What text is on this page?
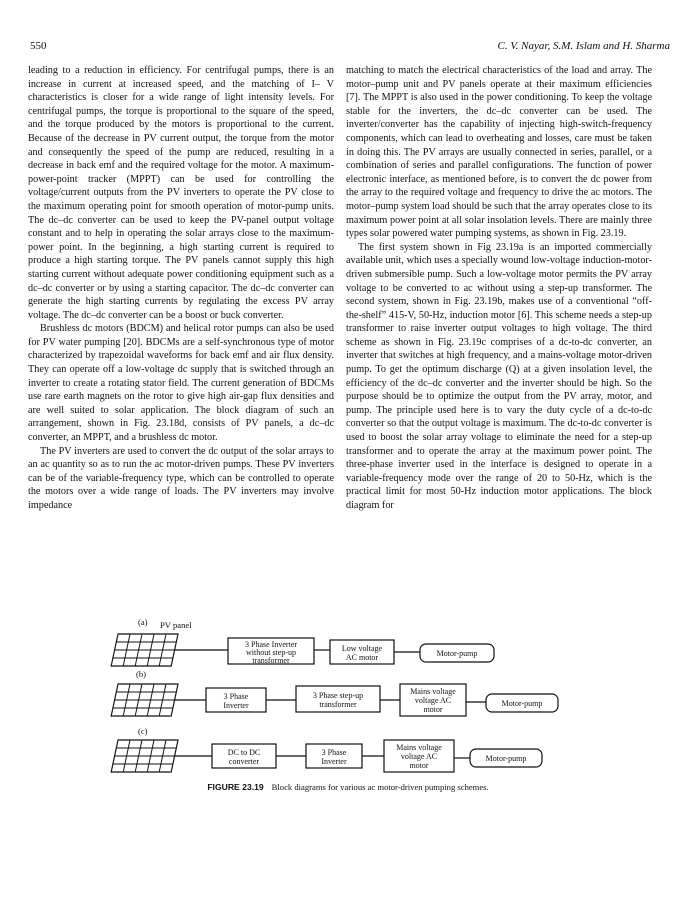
550	C. V. Nayar, S.M. Islam and H. Sharma

leading to a reduction in efficiency. For centrifugal pumps, there is an increase in current at increased speed, and the matching of I– V characteristics is closer for a wide range of light intensity levels. For centrifugal pumps, the torque is proportional to the square of the speed, and the torque produced by the motors is proportional to the current. Because of the decrease in PV current output, the torque from the motor and consequently the speed of the pump are reduced, resulting in a decrease in back emf and the required voltage for the motor. A maximum-power-point tracker (MPPT) can be used for controlling the voltage/current outputs from the PV inverters to operate the PV close to the maximum operating point for smooth operation of motor-pump units. The dc–dc converter can be used to keep the PV-panel output voltage constant and to help in operating the solar arrays close to the maximum-power point. In the beginning, a high starting current is required to produce a high starting torque. The PV panels cannot supply this high starting current without adequate power conditioning equipment such as a dc–dc converter or by using a starting capacitor. The dc–dc converter can generate the high starting currents by regulating the excess PV array voltage. The dc–dc converter can be a boost or buck converter.

Brushless dc motors (BDCM) and helical rotor pumps can also be used for PV water pumping [20]. BDCMs are a self-synchronous type of motor characterized by trapezoidal waveforms for back emf and air flux density. They can operate off a low-voltage dc supply that is switched through an inverter to create a rotating stator field. The current generation of BDCMs use rare earth magnets on the rotor to give high air-gap flux densities and are well suited to solar application. The block diagram of such an arrangement, shown in Fig. 23.18d, consists of PV panels, a dc–dc converter, an MPPT, and a brushless dc motor.

The PV inverters are used to convert the dc output of the solar arrays to an ac quantity so as to run the ac motor-driven pumps. These PV inverters can be of the variable-frequency type, which can be controlled to operate the motors over a wide range of loads. The PV inverters may involve impedance

matching to match the electrical characteristics of the load and array. The motor–pump unit and PV panels operate at their maximum efficiencies [7]. The MPPT is also used in the power conditioning. To keep the voltage stable for the inverters, the dc–dc converter can be used. The inverter/converter has the capability of injecting high-switch-frequency components, which can lead to overheating and losses, care must be taken in doing this. The PV arrays are usually connected in series, parallel, or a combination of series and parallel configurations. The function of power electronic interface, as mentioned before, is to convert the dc power from the array to the required voltage and frequency to drive the ac motors. The motor–pump system load should be such that the array operates close to its maximum power point at all solar insolation levels. There are mainly three types solar powered water pumping systems, as shown in Fig. 23.19.

The first system shown in Fig 23.19a is an imported commercially available unit, which uses a specially wound low-voltage induction-motor-driven submersible pump. Such a low-voltage motor permits the PV array voltage to be converted to ac without using a step-up transformer. The second system, shown in Fig. 23.19b, makes use of a conventional “off-the-shelf” 415-V, 50-Hz, induction motor [6]. This scheme needs a step-up transformer to raise inverter output voltages to high voltage. The third scheme as shown in Fig. 23.19c comprises of a dc-to-dc converter, an inverter that switches at high frequency, and a mains-voltage motor-driven pump. To get the optimum discharge (Q) at a given insolation level, the efficiency of the dc–dc converter and the inverter should be high. So the purpose should be to optimize the output from the PV array, motor, and pump. The principle used here is to vary the duty cycle of a dc-to-dc converter so that the output voltage is maximum. The dc-to-dc converter is used to boost the solar array voltage to eliminate the need for a step-up transformer and to operate the array at the maximum power point. The three-phase inverter used in the interface is designed to operate in a variable-frequency mode over the range of 20 to 50-Hz, which is the practical limit for most 50-Hz induction motor applications. The block diagram for

(a) PV panel
3 Phase Inverter
without step-up
transformer
Low voltage
AC motor	Motor-pump
(b)
3 Phase
Inverter
3 Phase step-up
transformer
Mains voltage
voltage AC
motor
Motor-pump
(c)
DC to DC
converter
3 Phase
Inverter
Mains voltage
voltage AC
motor
Motor-pump
FIGURE 23.19 Block diagrams for various ac motor-driven pumping schemes.
